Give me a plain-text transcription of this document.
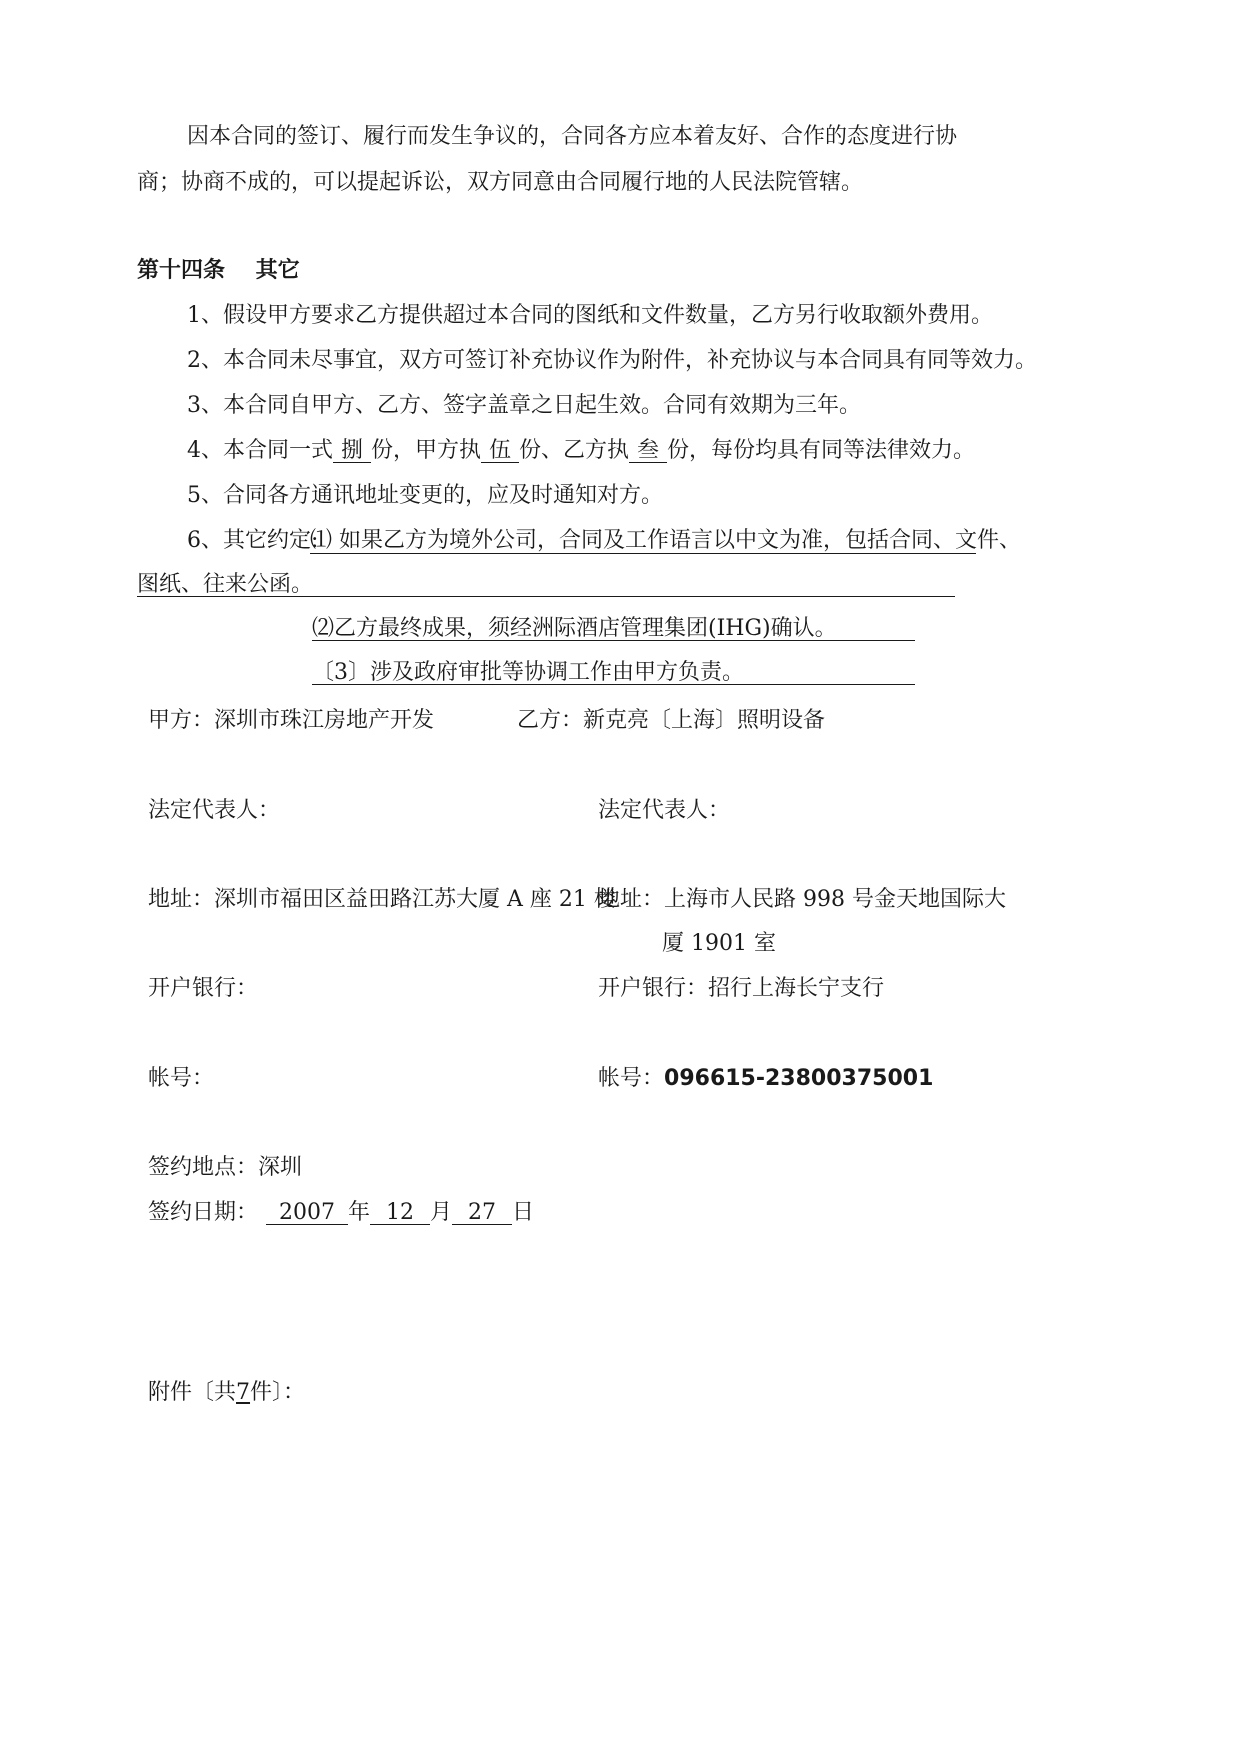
因本合同的签订、履行而发生争议的，合同各方应本着友好、合作的态度进行协
商；协商不成的，可以提起诉讼，双方同意由合同履行地的人民法院管辖。
第十四条    其它
1、假设甲方要求乙方提供超过本合同的图纸和文件数量，乙方另行收取额外费用。
2、本合同未尽事宜，双方可签订补充协议作为附件，补充协议与本合同具有同等效力。
3、本合同自甲方、乙方、签字盖章之日起生效。合同有效期为三年。
4、本合同一式 捌 份，甲方执 伍 份、乙方执 叁 份，每份均具有同等法律效力。
5、合同各方通讯地址变更的，应及时通知对方。
6、其它约定:
⑴ 如果乙方为境外公司，合同及工作语言以中文为准，包括合同、文件、
图纸、往来公函。
⑵乙方最终成果，须经洲际酒店管理集团(IHG)确认。
〔3〕涉及政府审批等协调工作由甲方负责。
甲方：深圳市珠江房地产开发	乙方：新克亮〔上海〕照明设备
法定代表人：	法定代表人：
地址：深圳市福田区益田路江苏大厦 A 座 21 楼
地址：上海市人民路 998 号金天地国际大
厦 1901 室
开户银行：	开户银行：招行上海长宁支行
帐号：	帐号：096615-23800375001
签约地点：深圳
签约日期： 2007 年 12 月 27 日
附件〔共7件〕：
